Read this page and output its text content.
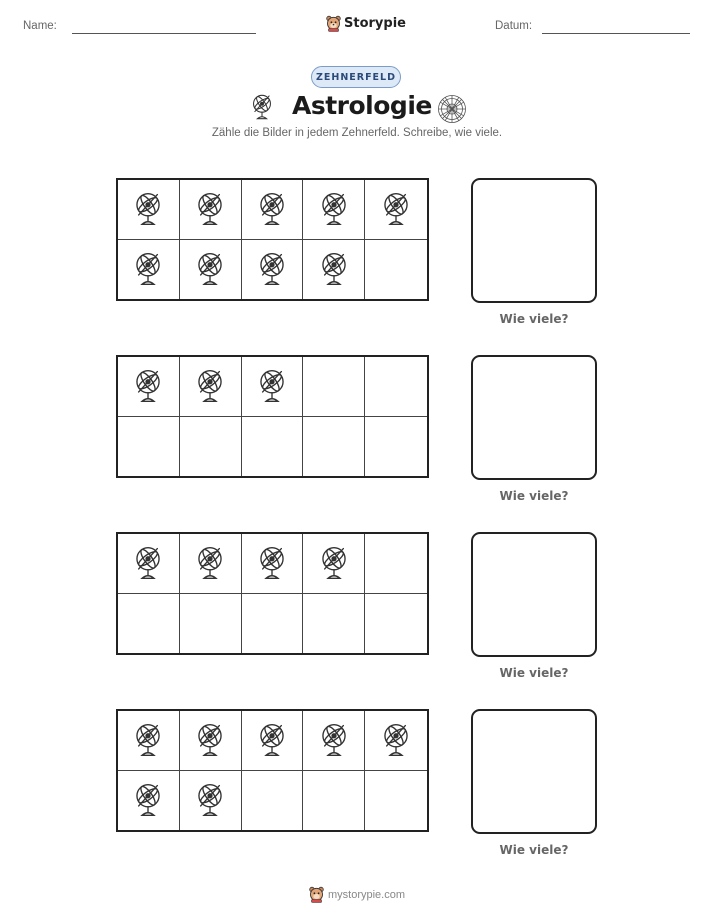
Name:	Storypie	Datum:
ZEHNERFELD
Astrologie
Zähle die Bilder in jedem Zehnerfeld. Schreibe, wie viele.
Wie viele?
Wie viele?
Wie viele?
Wie viele?
mystorypie.com
